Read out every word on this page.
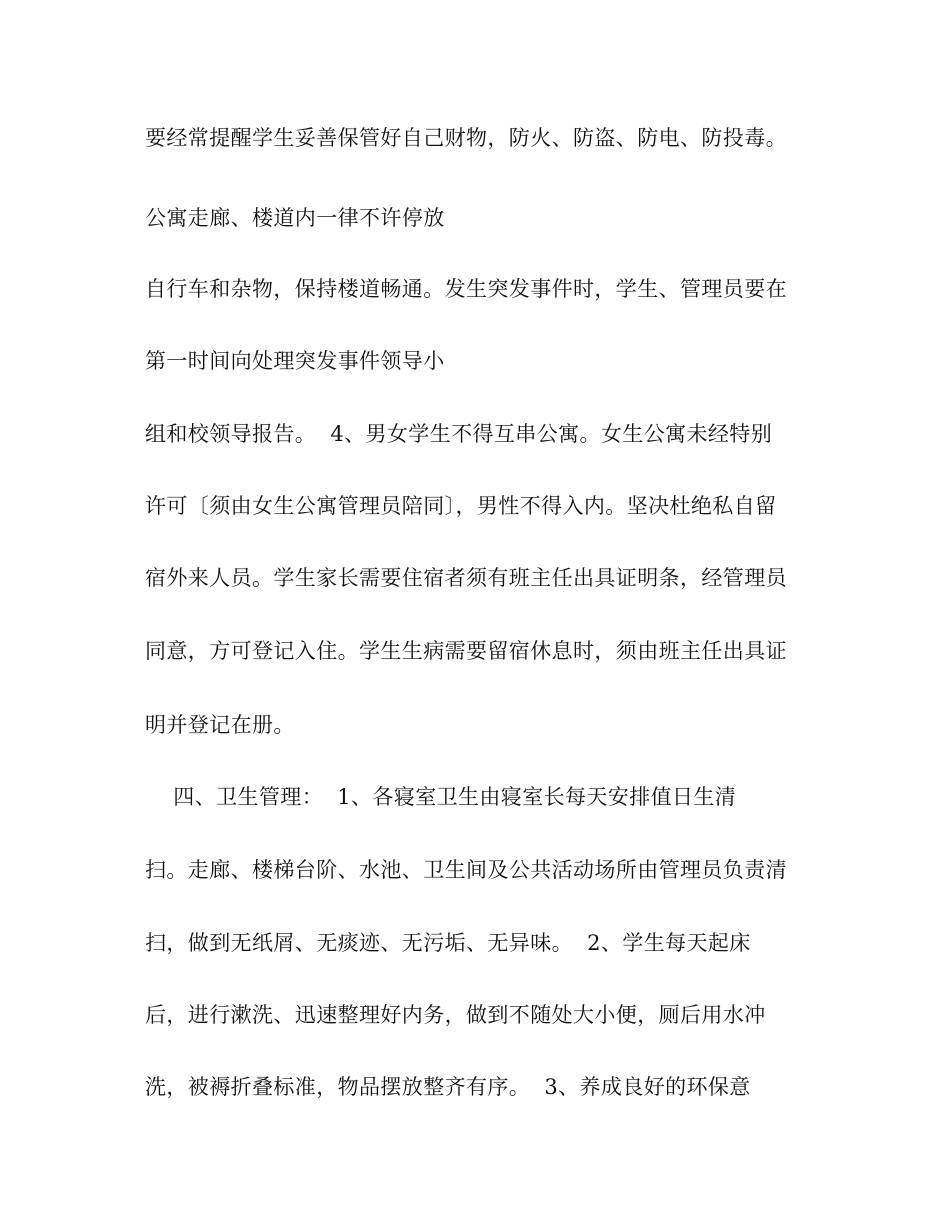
要经常提醒学生妥善保管好自己财物，防火、防盗、防电、防投毒。

公寓走廊、楼道内一律不许停放

自行车和杂物，保持楼道畅通。发生突发事件时，学生、管理员要在

第一时间向处理突发事件领导小

组和校领导报告。  4、男女学生不得互串公寓。女生公寓未经特别

许可〔须由女生公寓管理员陪同〕，男性不得入内。坚决杜绝私自留

宿外来人员。学生家长需要住宿者须有班主任出具证明条，经管理员

同意，方可登记入住。学生生病需要留宿休息时，须由班主任出具证

明并登记在册。

四、卫生管理：  1、各寝室卫生由寝室长每天安排值日生清

扫。走廊、楼梯台阶、水池、卫生间及公共活动场所由管理员负责清

扫，做到无纸屑、无痰迹、无污垢、无异味。  2、学生每天起床

后，进行漱洗、迅速整理好内务，做到不随处大小便，厕后用水冲

洗，被褥折叠标准，物品摆放整齐有序。  3、养成良好的环保意
